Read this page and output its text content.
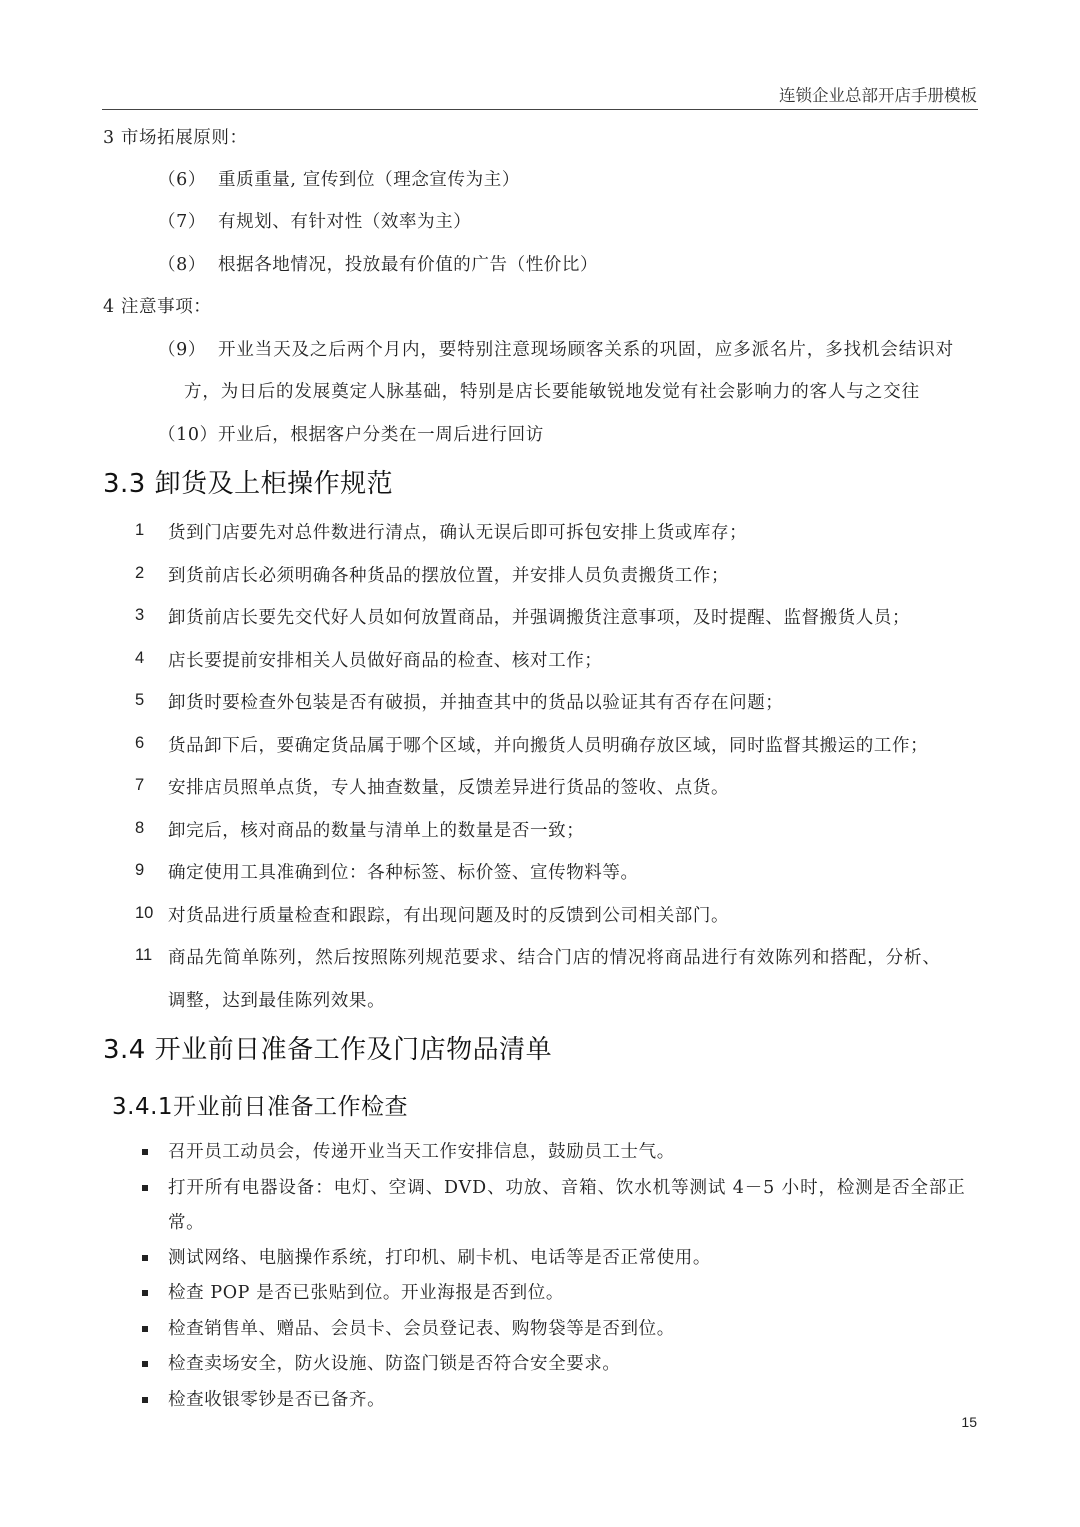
连锁企业总部开店手册模板
3 市场拓展原则：
（6） 重质重量, 宣传到位（理念宣传为主）
（7） 有规划、有针对性（效率为主）
（8） 根据各地情况，投放最有价值的广告（性价比）
4 注意事项：
（9） 开业当天及之后两个月内，要特别注意现场顾客关系的巩固，应多派名片，多找机会结识对
方，为日后的发展奠定人脉基础，特别是店长要能敏锐地发觉有社会影响力的客人与之交往
（10） 开业后，根据客户分类在一周后进行回访
3.3 卸货及上柜操作规范
1 货到门店要先对总件数进行清点，确认无误后即可拆包安排上货或库存；
2 到货前店长必须明确各种货品的摆放位置，并安排人员负责搬货工作；
3 卸货前店长要先交代好人员如何放置商品，并强调搬货注意事项，及时提醒、监督搬货人员；
4 店长要提前安排相关人员做好商品的检查、核对工作；
5 卸货时要检查外包装是否有破损，并抽查其中的货品以验证其有否存在问题；
6 货品卸下后，要确定货品属于哪个区域，并向搬货人员明确存放区域，同时监督其搬运的工作；
7 安排店员照单点货，专人抽查数量，反馈差异进行货品的签收、点货。
8 卸完后，核对商品的数量与清单上的数量是否一致；
9 确定使用工具准确到位：各种标签、标价签、宣传物料等。
10 对货品进行质量检查和跟踪，有出现问题及时的反馈到公司相关部门。
11 商品先简单陈列，然后按照陈列规范要求、结合门店的情况将商品进行有效陈列和搭配，分析、
调整，达到最佳陈列效果。
3.4 开业前日准备工作及门店物品清单
3.4.1开业前日准备工作检查
召开员工动员会，传递开业当天工作安排信息，鼓励员工士气。
打开所有电器设备：电灯、空调、DVD、功放、音箱、饮水机等测试 4－5 小时，检测是否全部正
常。
测试网络、电脑操作系统，打印机、刷卡机、电话等是否正常使用。
检查 POP 是否已张贴到位。开业海报是否到位。
检查销售单、赠品、会员卡、会员登记表、购物袋等是否到位。
检查卖场安全，防火设施、防盗门锁是否符合安全要求。
检查收银零钞是否已备齐。
15
